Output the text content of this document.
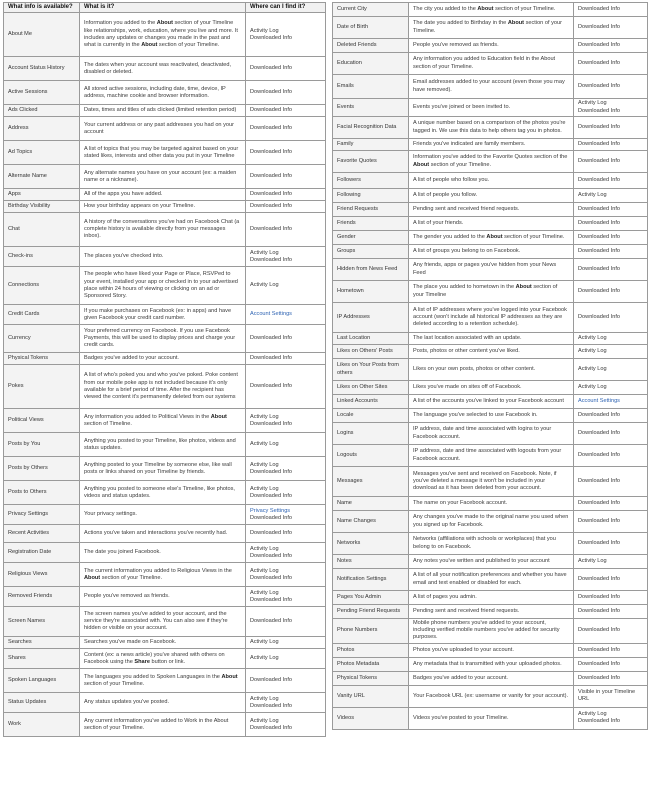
What info is available?	What is it?	Where can I find it?
About Me	Information you added to the About section of your Timeline like relationships, work, education, where you live and more. It includes any updates or changes you made in the past and what is currently in the About section of your Timeline.	Activity Log
Downloaded Info

Account Status History	The dates when your account was reactivated, deactivated, disabled or deleted.	Downloaded Info

Active Sessions	All stored active sessions, including date, time, device, IP address, machine cookie and browser information.	Downloaded Info

Ads Clicked	Dates, times and titles of ads clicked (limited retention period)	Downloaded Info

Address	Your current address or any past addresses you had on your account	Downloaded Info

Ad Topics	A list of topics that you may be targeted against based on your stated likes, interests and other data you put in your Timeline	Downloaded Info

Alternate Name	Any alternate names you have on your account (ex: a maiden name or a nickname).	Downloaded Info

Apps	All of the apps you have added.	Downloaded Info

Birthday Visibility	How your birthday appears on your Timeline.	Downloaded Info

Chat	A history of the conversations you've had on Facebook Chat (a complete history is available directly from your messages inbox).	Downloaded Info

Check-ins	The places you've checked into.	Activity Log
Downloaded Info

Connections	The people who have liked your Page or Place, RSVPed to your event, installed your app or checked in to your advertised place within 24 hours of viewing or clicking on an ad or Sponsored Story.	Activity Log

Credit Cards	If you make purchases on Facebook (ex: in apps) and have given Facebook your credit card number.	Account Settings

Currency	Your preferred currency on Facebook. If you use Facebook Payments, this will be used to display prices and charge your credit cards.	Downloaded Info

Physical Tokens	Badges you've added to your account.	Downloaded Info

Pokes	A list of who's poked you and who you've poked. Poke content from our mobile poke app is not included because it's only available for a brief period of time. After the recipient has viewed the content it's permanently deleted from our systems	Downloaded Info

Political Views	Any information you added to Political Views in the About section of Timeline.	Activity Log
Downloaded Info

Posts by You	Anything you posted to your Timeline, like photos, videos and status updates.	Activity Log

Posts by Others	Anything posted to your Timeline by someone else, like wall posts or links shared on your Timeline by friends.	Activity Log
Downloaded Info

Posts to Others	Anything you posted to someone else's Timeline, like photos, videos and status updates.	Activity Log
Downloaded Info

Privacy Settings	Your privacy settings.	Privacy Settings
Downloaded Info

Recent Activities	Actions you've taken and interactions you've recently had.	Downloaded Info

Registration Date	The date you joined Facebook.	Activity Log
Downloaded Info

Religious Views	The current information you added to Religious Views in the About section of your Timeline.	Activity Log
Downloaded Info

Removed Friends	People you've removed as friends.	Activity Log
Downloaded Info

Screen Names	The screen names you've added to your account, and the service they're associated with. You can also see if they're hidden or visible on your account.	Downloaded Info

Searches	Searches you've made on Facebook.	Activity Log

Shares	Content (ex: a news article) you've shared with others on Facebook using the Share button or link.	Activity Log

Spoken Languages	The languages you added to Spoken Languages in the About section of your Timeline.	Downloaded Info

Status Updates	Any status updates you've posted.	Activity Log
Downloaded Info

Work	Any current information you've added to Work in the About section of your Timeline.	Activity Log
Downloaded Info
Current City	The city you added to the About section of your Timeline.	Downloaded Info

Date of Birth	The date you added to Birthday in the About section of your Timeline.	Downloaded Info

Deleted Friends	People you've removed as friends.	Downloaded Info

Education	Any information you added to Education field in the About section of your Timeline.	Downloaded Info

Emails	Email addresses added to your account (even those you may have removed).	Downloaded Info

Events	Events you've joined or been invited to.	Activity Log
Downloaded Info

Facial Recognition Data	A unique number based on a comparison of the photos you're tagged in. We use this data to help others tag you in photos.	Downloaded Info

Family	Friends you've indicated are family members.	Downloaded Info

Favorite Quotes	Information you've added to the Favorite Quotes section of the About section of your Timeline.	Downloaded Info

Followers	A list of people who follow you.	Downloaded Info

Following	A list of people you follow.	Activity Log

Friend Requests	Pending sent and received friend requests.	Downloaded Info

Friends	A list of your friends.	Downloaded Info

Gender	The gender you added to the About section of your Timeline.	Downloaded Info

Groups	A list of groups you belong to on Facebook.	Downloaded Info

Hidden from News Feed	Any friends, apps or pages you've hidden from your News Feed	Downloaded Info

Hometown	The place you added to hometown in the About section of your Timeline	Downloaded Info

IP Addresses	A list of IP addresses where you've logged into your Facebook account (won't include all historical IP addresses as they are deleted according to a retention schedule).	Downloaded Info

Last Location	The last location associated with an update.	Activity Log

Likes on Others' Posts	Posts, photos or other content you've liked.	Activity Log

Likes on Your Posts from others	Likes on your own posts, photos or other content.	Activity Log

Likes on Other Sites	Likes you've made on sites off of Facebook.	Activity Log

Linked Accounts	A list of the accounts you've linked to your Facebook account	Account Settings

Locale	The language you've selected to use Facebook in.	Downloaded Info

Logins	IP address, date and time associated with logins to your Facebook account.	Downloaded Info

Logouts	IP address, date and time associated with logouts from your Facebook account.	Downloaded Info

Messages	Messages you've sent and received on Facebook. Note, if you've deleted a message it won't be included in your download as it has been deleted from your account.	Downloaded Info

Name	The name on your Facebook account.	Downloaded Info

Name Changes	Any changes you've made to the original name you used when you signed up for Facebook.	Downloaded Info

Networks	Networks (affiliations with schools or workplaces) that you belong to on Facebook.	Downloaded Info

Notes	Any notes you've written and published to your account	Activity Log

Notification Settings	A list of all your notification preferences and whether you have email and text enabled or disabled for each.	Downloaded Info

Pages You Admin	A list of pages you admin.	Downloaded Info

Pending Friend Requests	Pending sent and received friend requests.	Downloaded Info

Phone Numbers	Mobile phone numbers you've added to your account, including verified mobile numbers you've added for security purposes.	Downloaded Info

Photos	Photos you've uploaded to your account.	Downloaded Info

Photos Metadata	Any metadata that is transmitted with your uploaded photos.	Downloaded Info

Physical Tokens	Badges you've added to your account.	Downloaded Info

Vanity URL	Your Facebook URL (ex: username or vanity for your account).	Visible in your Timeline URL

Videos	Videos you've posted to your Timeline.	Activity Log
Downloaded Info
